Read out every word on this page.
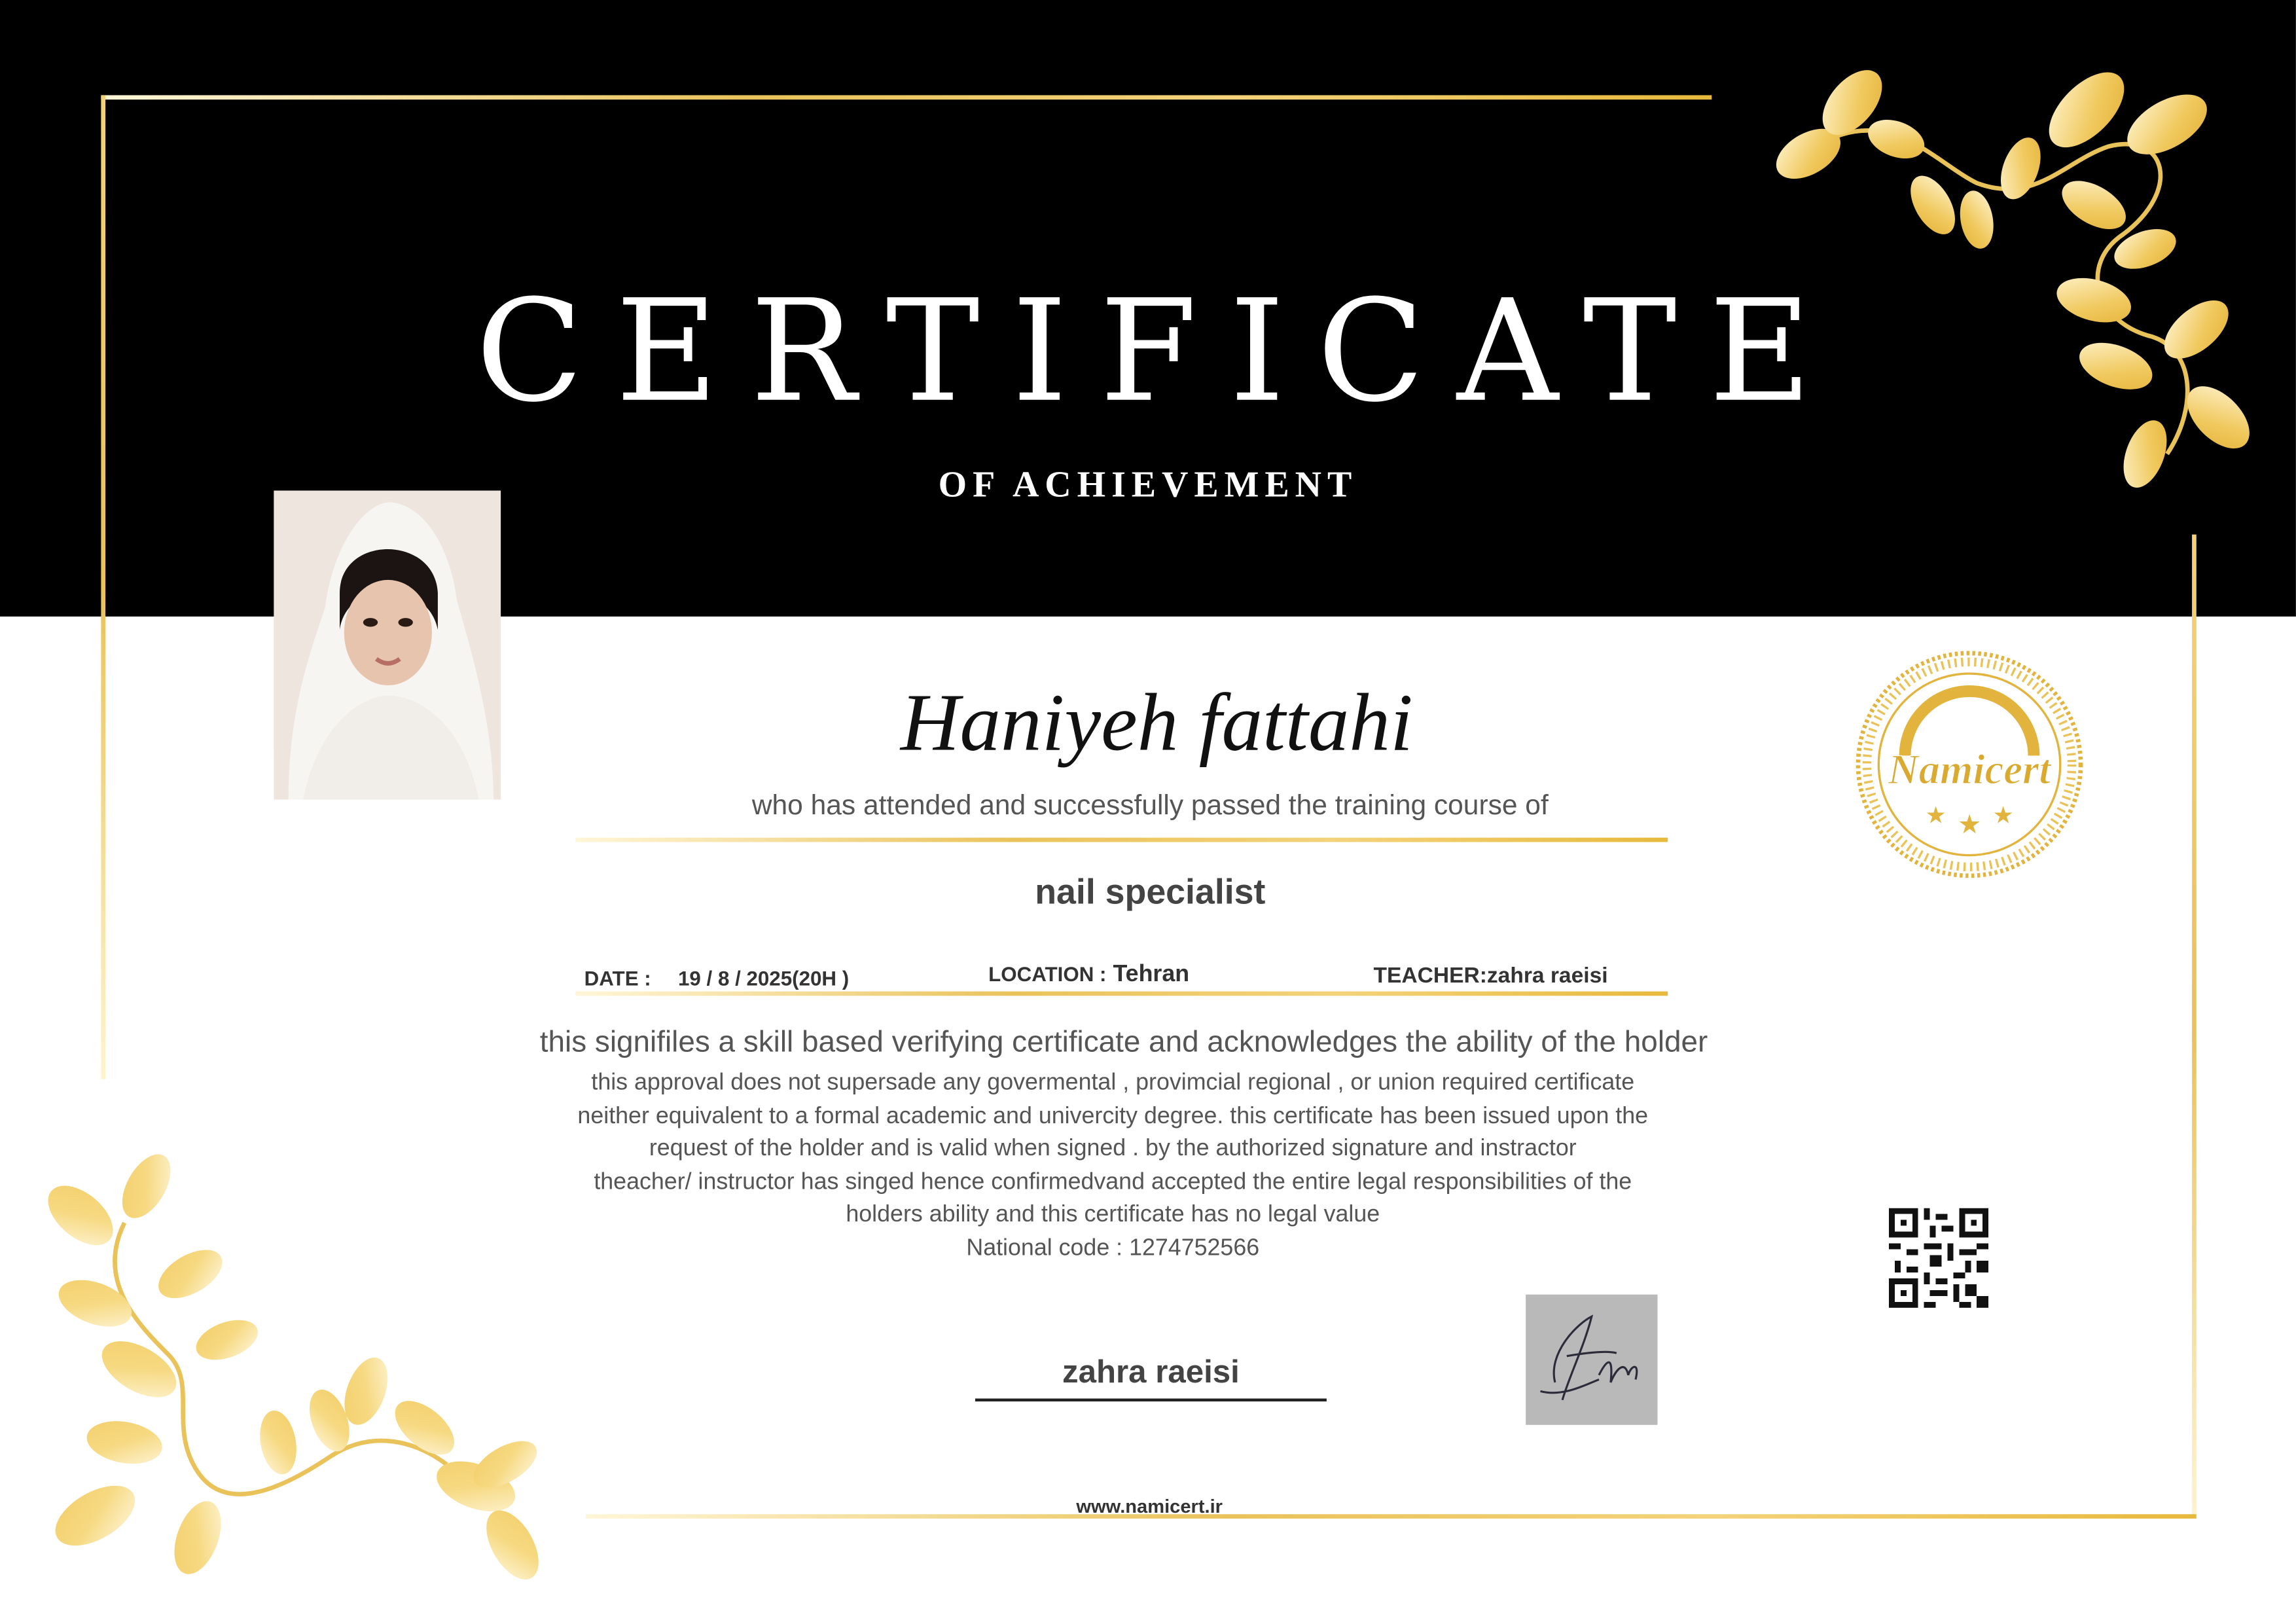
CERTIFICATE
OF ACHIEVEMENT
Haniyeh fattahi
who has attended and successfully passed the training course of
nail specialist
DATE :	19 / 8 / 2025(20H )	LOCATION : Tehran	TEACHER:zahra raeisi
this signifiles a skill based verifying certificate and acknowledges the ability of the holder
this approval does not supersade any govermental , provimcial regional , or union required certificate
neither equivalent to a formal academic and univercity degree. this certificate has been issued upon the
request of the holder and is valid when signed . by the authorized signature and instractor
theacher/ instructor has singed hence confirmedvand accepted the entire legal responsibilities of the
holders ability and this certificate has no legal value
National code : 1274752566
Namicert
★ ★ ★
zahra raeisi
www.namicert.ir
